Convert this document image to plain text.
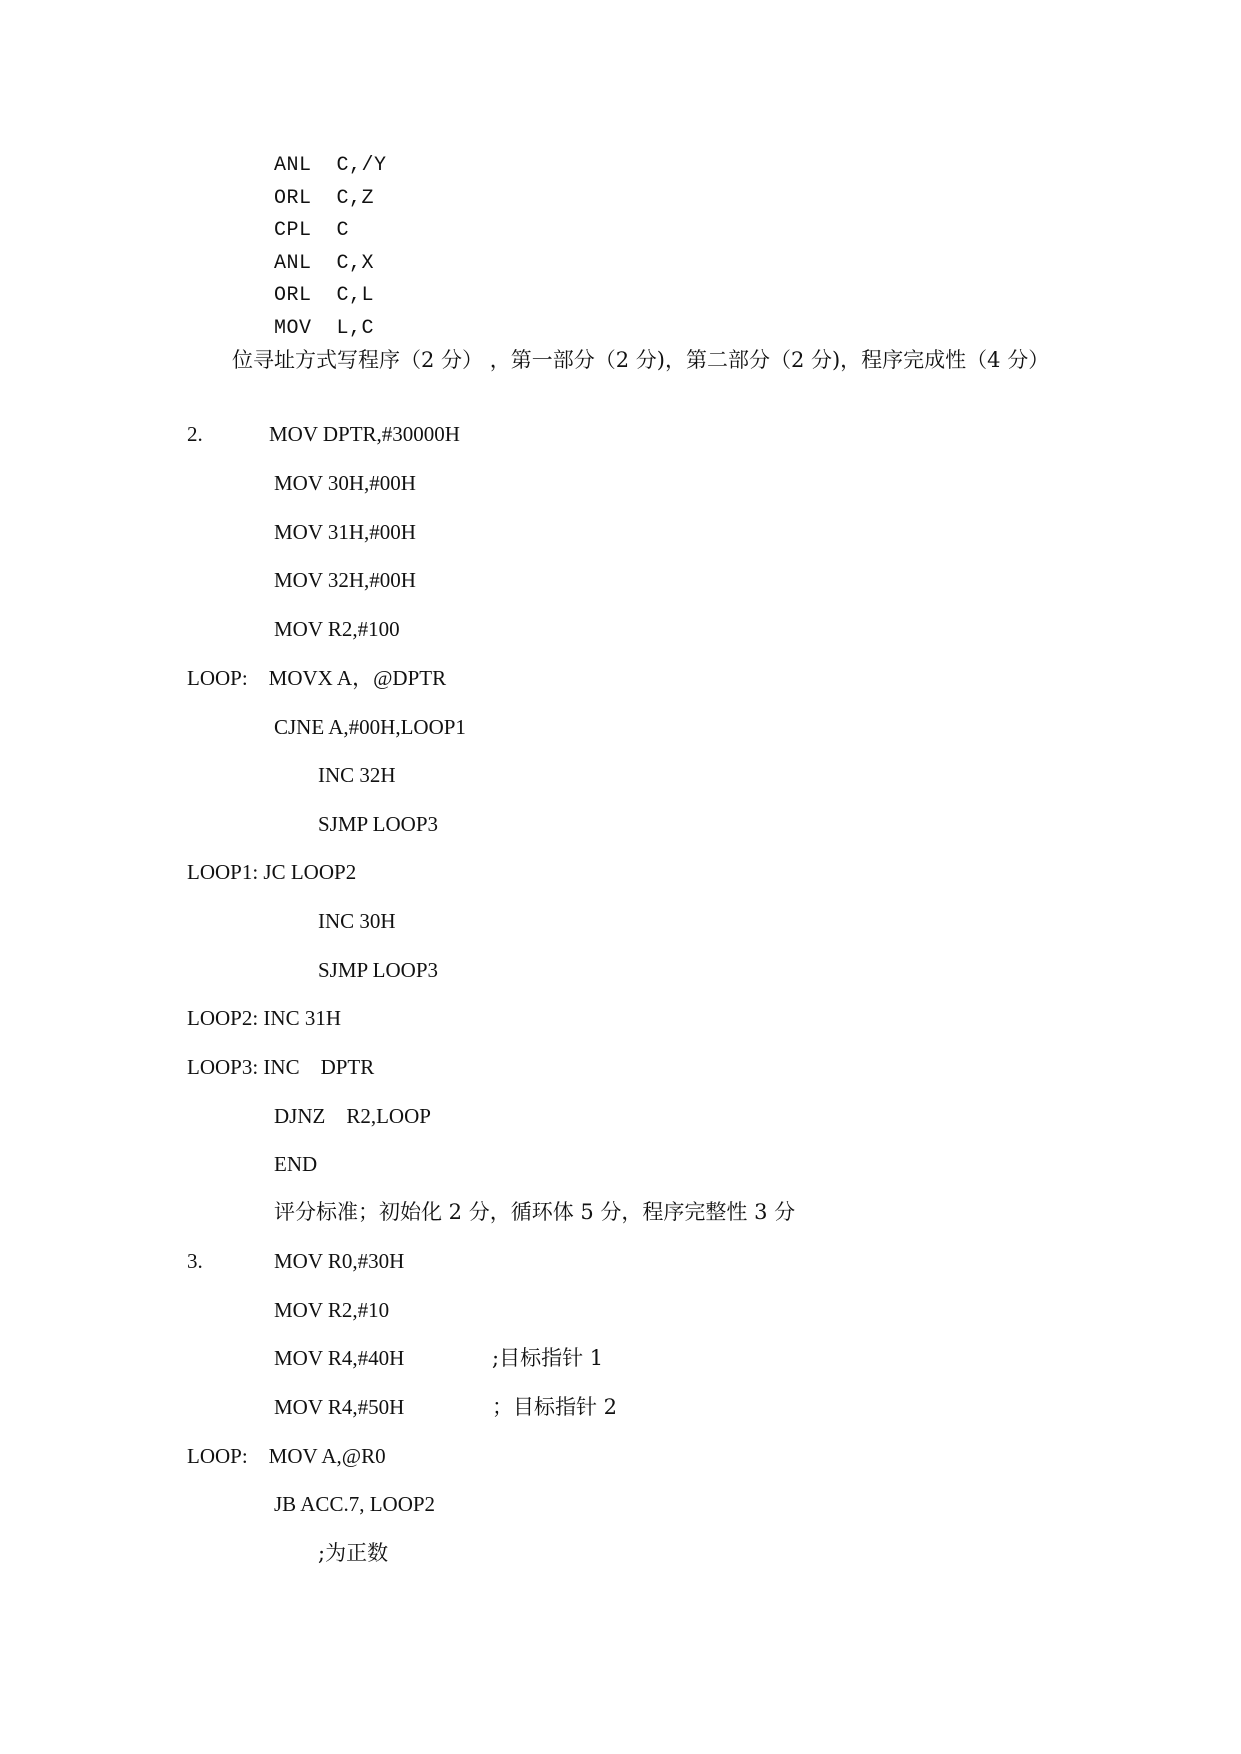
ANL  C,/Y
ORL  C,Z
CPL  C
ANL  C,X
ORL  C,L
MOV  L,C
位寻址方式写程序（2 分） ，第一部分（2 分)，第二部分（2 分)，程序完成性（4 分）
2.	MOV DPTR,#30000H
MOV 30H,#00H
MOV 31H,#00H
MOV 32H,#00H
MOV R2,#100
LOOP:    MOVX A，@DPTR
CJNE A,#00H,LOOP1
INC 32H
SJMP LOOP3
LOOP1: JC LOOP2
INC 30H
SJMP LOOP3
LOOP2: INC 31H
LOOP3: INC    DPTR
DJNZ    R2,LOOP
END
评分标准；初始化 2 分，循环体 5 分，程序完整性 3 分
3.	MOV R0,#30H
MOV R2,#10
MOV R4,#40H	;目标指针 1
MOV R4,#50H	；目标指针 2
LOOP:    MOV A,@R0
JB ACC.7, LOOP2
;为正数
